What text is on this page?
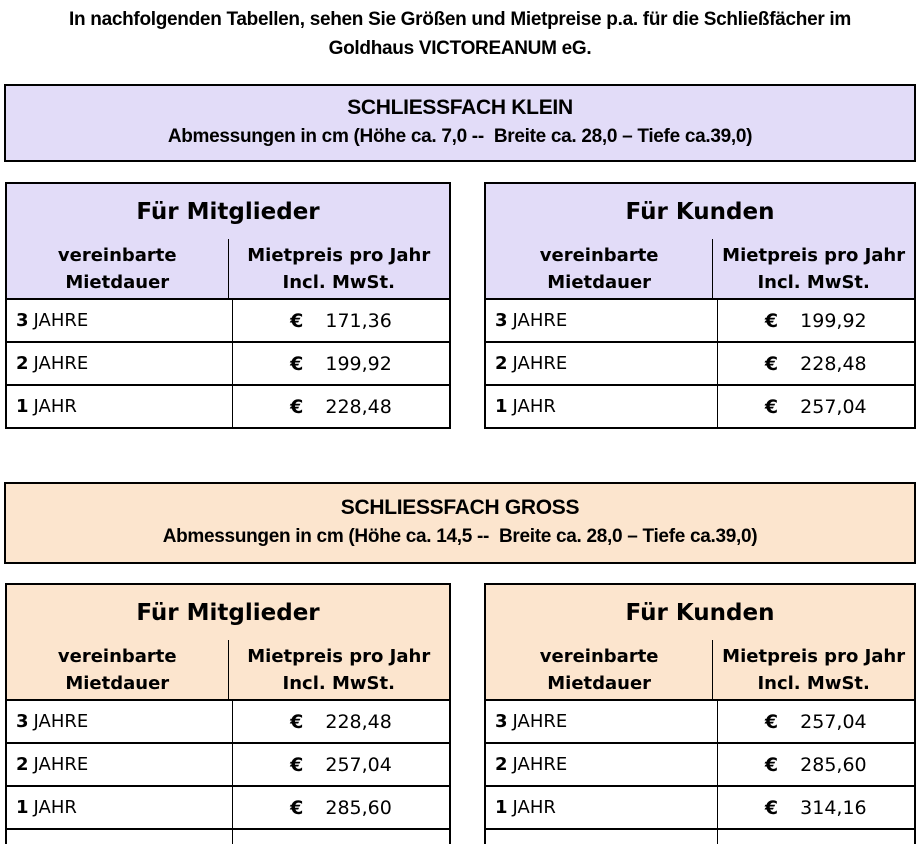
In nachfolgenden Tabellen, sehen Sie Größen und Mietpreise p.a. für die Schließfächer im
Goldhaus VICTOREANUM eG.
SCHLIESSFACH KLEIN
Abmessungen in cm (Höhe ca. 7,0 --  Breite ca. 28,0 – Tiefe ca.39,0)
Für Mitglieder
vereinbarte
Mietdauer
Mietpreis pro Jahr
Incl. MwSt.
3 JAHRE	€ 171,36
2 JAHRE	€ 199,92
1 JAHR	€ 228,48
Für Kunden
vereinbarte
Mietdauer
Mietpreis pro Jahr
Incl. MwSt.
3 JAHRE	€ 199,92
2 JAHRE	€ 228,48
1 JAHR	€ 257,04
SCHLIESSFACH GROSS
Abmessungen in cm (Höhe ca. 14,5 --  Breite ca. 28,0 – Tiefe ca.39,0)
Für Mitglieder
vereinbarte
Mietdauer
Mietpreis pro Jahr
Incl. MwSt.
3 JAHRE	€ 228,48
2 JAHRE	€ 257,04
1 JAHR	€ 285,60
Für Kunden
vereinbarte
Mietdauer
Mietpreis pro Jahr
Incl. MwSt.
3 JAHRE	€ 257,04
2 JAHRE	€ 285,60
1 JAHR	€ 314,16
